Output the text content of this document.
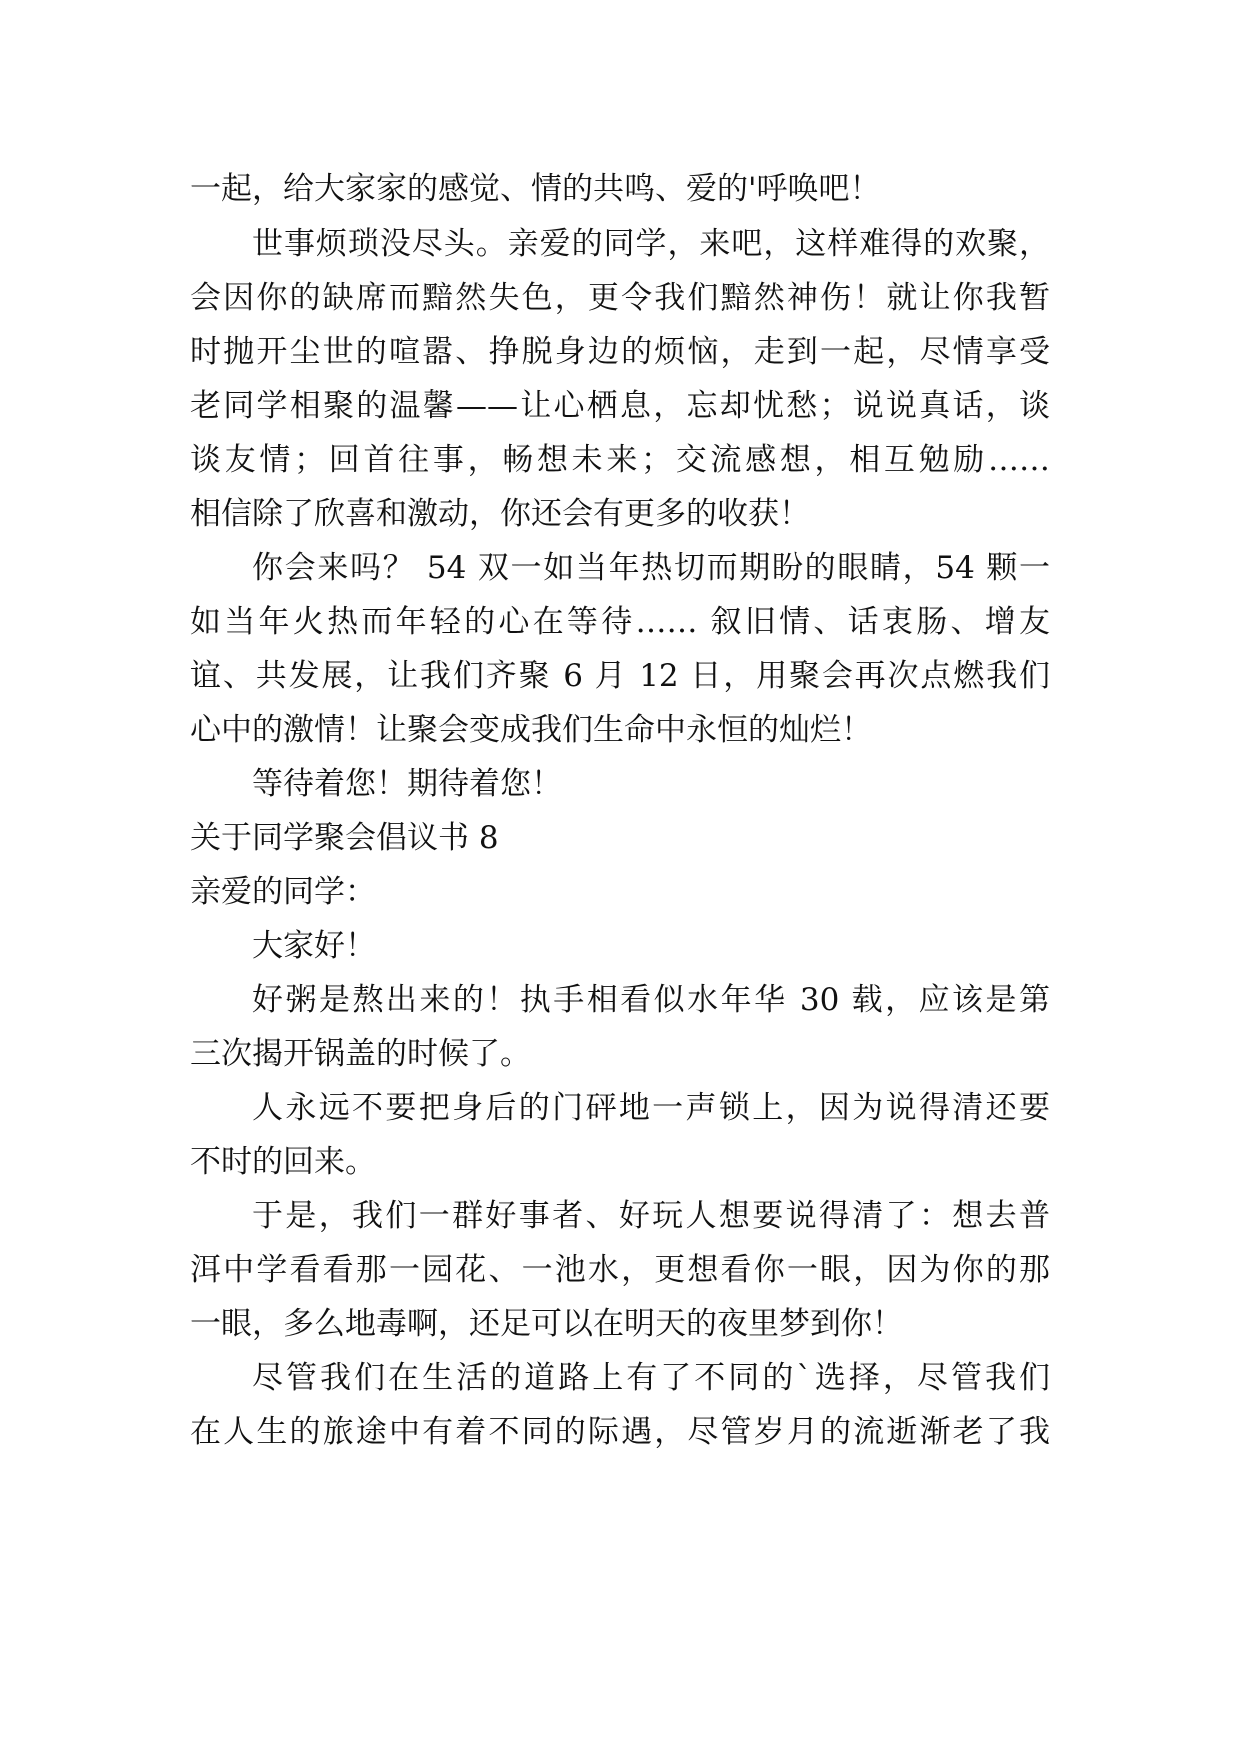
一起，给大家家的感觉、情的共鸣、爱的'呼唤吧！
世事烦琐没尽头。亲爱的同学，来吧，这样难得的欢聚，
会因你的缺席而黯然失色，更令我们黯然神伤！就让你我暂
时抛开尘世的喧嚣、挣脱身边的烦恼，走到一起，尽情享受
老同学相聚的温馨——让心栖息，忘却忧愁；说说真话，谈
谈友情；回首往事，畅想未来；交流感想，相互勉励……
相信除了欣喜和激动，你还会有更多的收获！
你会来吗？ 54 双一如当年热切而期盼的眼睛，54 颗一
如当年火热而年轻的心在等待…… 叙旧情、话衷肠、增友
谊、共发展，让我们齐聚 6 月 12 日，用聚会再次点燃我们
心中的激情！让聚会变成我们生命中永恒的灿烂！
等待着您！期待着您！
关于同学聚会倡议书 8
亲爱的同学：
大家好！
好粥是熬出来的！执手相看似水年华 30 载，应该是第
三次揭开锅盖的时候了。
人永远不要把身后的门砰地一声锁上，因为说得清还要
不时的回来。
于是，我们一群好事者、好玩人想要说得清了：想去普
洱中学看看那一园花、一池水，更想看你一眼，因为你的那
一眼，多么地毒啊，还足可以在明天的夜里梦到你！
尽管我们在生活的道路上有了不同的`选择，尽管我们
在人生的旅途中有着不同的际遇，尽管岁月的流逝渐老了我
